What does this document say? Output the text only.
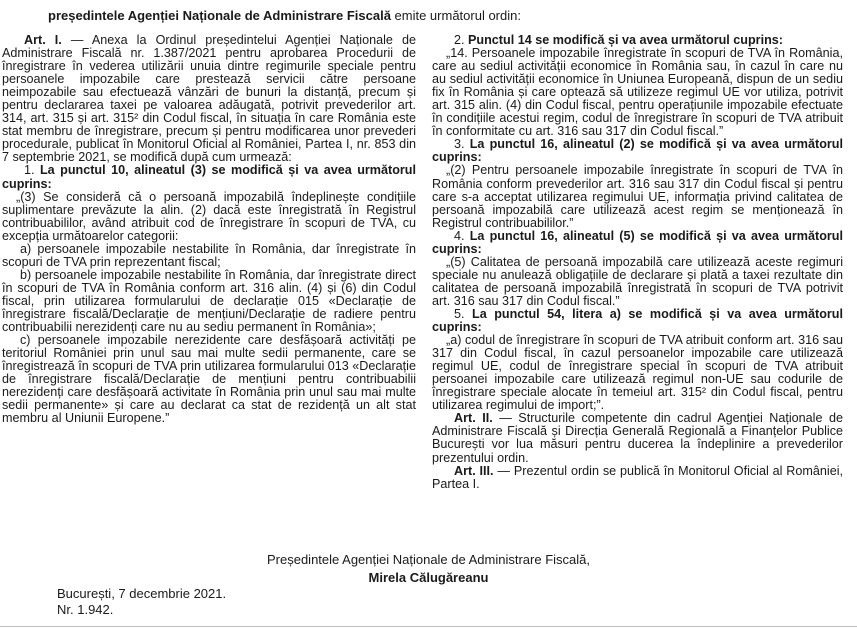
președintele Agenției Naționale de Administrare Fiscală emite următorul ordin:

Art. I. — Anexa la Ordinul președintelui Agenției Naționale de Administrare Fiscală nr. 1.387/2021 pentru aprobarea Procedurii de înregistrare în vederea utilizării unuia dintre regimurile speciale pentru persoanele impozabile care prestează servicii către persoane neimpozabile sau efectuează vânzări de bunuri la distanță, precum și pentru declararea taxei pe valoarea adăugată, potrivit prevederilor art. 314, art. 315 și art. 315² din Codul fiscal, în situația în care România este stat membru de înregistrare, precum și pentru modificarea unor prevederi procedurale, publicat în Monitorul Oficial al României, Partea I, nr. 853 din 7 septembrie 2021, se modifică după cum urmează:

1. La punctul 10, alineatul (3) se modifică și va avea următorul cuprins:

„(3) Se consideră că o persoană impozabilă îndeplinește condițiile suplimentare prevăzute la alin. (2) dacă este înregistrată în Registrul contribuabililor, având atribuit cod de înregistrare în scopuri de TVA, cu excepția următoarelor categorii:

a) persoanele impozabile nestabilite în România, dar înregistrate în scopuri de TVA prin reprezentant fiscal;

b) persoanele impozabile nestabilite în România, dar înregistrate direct în scopuri de TVA în România conform art. 316 alin. (4) și (6) din Codul fiscal, prin utilizarea formularului de declarație 015 «Declarație de înregistrare fiscală/Declarație de mențiuni/Declarație de radiere pentru contribuabilii nerezidenți care nu au sediu permanent în România»;

c) persoanele impozabile nerezidente care desfășoară activități pe teritoriul României prin unul sau mai multe sedii permanente, care se înregistrează în scopuri de TVA prin utilizarea formularului 013 «Declarație de înregistrare fiscală/Declarație de mențiuni pentru contribuabilii nerezidenți care desfășoară activitate în România prin unul sau mai multe sedii permanente» și care au declarat ca stat de rezidență un alt stat membru al Uniunii Europene.”

2. Punctul 14 se modifică și va avea următorul cuprins:

„14. Persoanele impozabile înregistrate în scopuri de TVA în România, care au sediul activității economice în România sau, în cazul în care nu au sediul activității economice în Uniunea Europeană, dispun de un sediu fix în România și care optează să utilizeze regimul UE vor utiliza, potrivit art. 315 alin. (4) din Codul fiscal, pentru operațiunile impozabile efectuate în condițiile acestui regim, codul de înregistrare în scopuri de TVA atribuit în conformitate cu art. 316 sau 317 din Codul fiscal.”

3. La punctul 16, alineatul (2) se modifică și va avea următorul cuprins:

„(2) Pentru persoanele impozabile înregistrate în scopuri de TVA în România conform prevederilor art. 316 sau 317 din Codul fiscal și pentru care s-a acceptat utilizarea regimului UE, informația privind calitatea de persoană impozabilă care utilizează acest regim se menționează în Registrul contribuabililor.”

4. La punctul 16, alineatul (5) se modifică și va avea următorul cuprins:

„(5) Calitatea de persoană impozabilă care utilizează aceste regimuri speciale nu anulează obligațiile de declarare și plată a taxei rezultate din calitatea de persoană impozabilă înregistrată în scopuri de TVA potrivit art. 316 sau 317 din Codul fiscal.”

5. La punctul 54, litera a) se modifică și va avea următorul cuprins:

„a) codul de înregistrare în scopuri de TVA atribuit conform art. 316 sau 317 din Codul fiscal, în cazul persoanelor impozabile care utilizează regimul UE, codul de înregistrare special în scopuri de TVA atribuit persoanei impozabile care utilizează regimul non-UE sau codurile de înregistrare speciale alocate în temeiul art. 315² din Codul fiscal, pentru utilizarea regimului de import;”.

Art. II. — Structurile competente din cadrul Agenției Naționale de Administrare Fiscală și Direcția Generală Regională a Finanțelor Publice București vor lua măsuri pentru ducerea la îndeplinire a prevederilor prezentului ordin.

Art. III. — Prezentul ordin se publică în Monitorul Oficial al României, Partea I.

Președintele Agenției Naționale de Administrare Fiscală,
Mirela Călugăreanu
București, 7 decembrie 2021.
Nr. 1.942.
